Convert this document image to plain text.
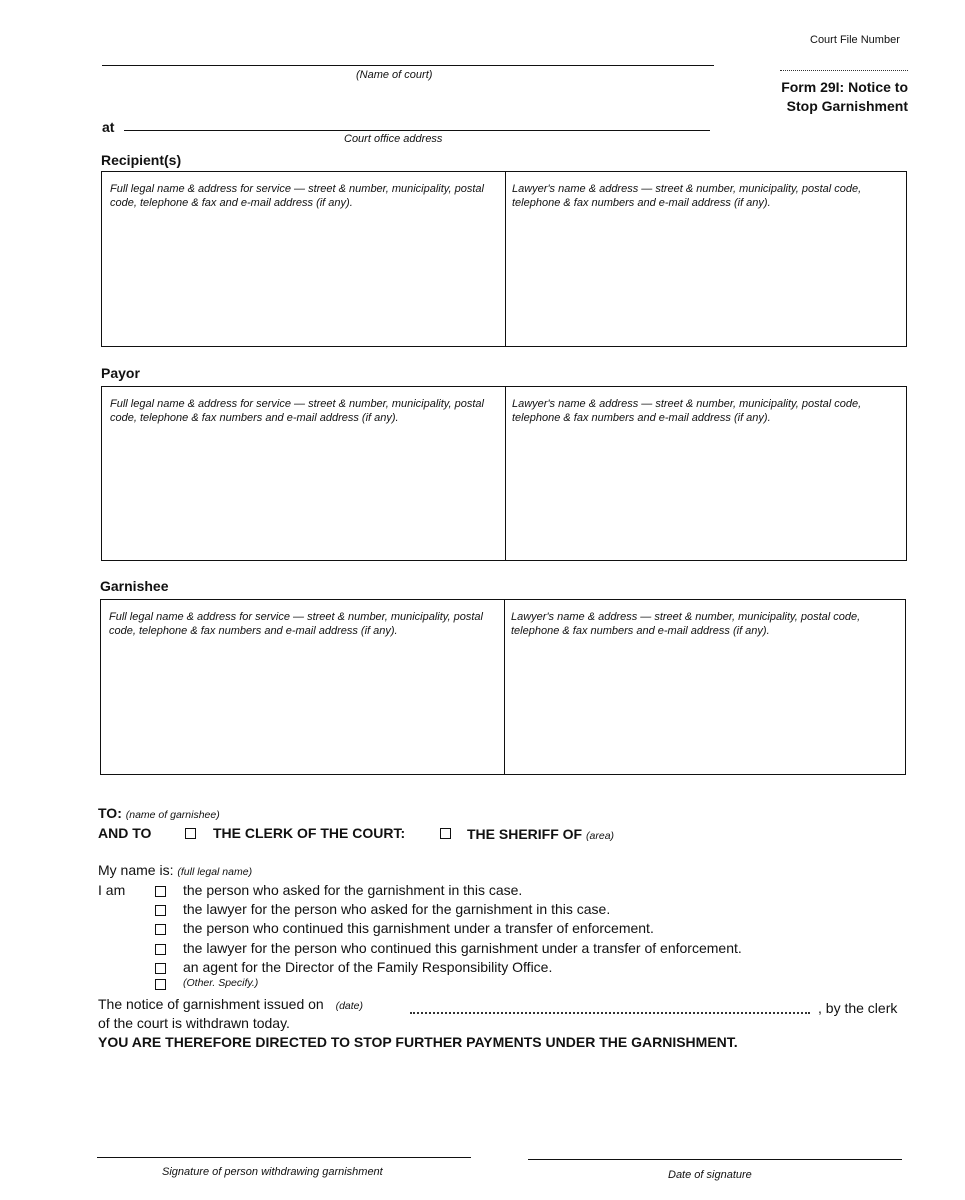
Court File Number
(Name of court)
Form 29I: Notice to
Stop Garnishment
at
Court office address
Recipient(s)
Full legal name & address for service — street & number, municipality, postal code, telephone & fax and e-mail address (if any).
Lawyer's name & address — street & number, municipality, postal code, telephone & fax numbers and e-mail address (if any).
Payor
Full legal name & address for service — street & number, municipality, postal code, telephone & fax numbers and e-mail address (if any).
Lawyer's name & address — street & number, municipality, postal code, telephone & fax numbers and e-mail address (if any).
Garnishee
Full legal name & address for service — street & number, municipality, postal code, telephone & fax numbers and e-mail address (if any).
Lawyer's name & address — street & number, municipality, postal code, telephone & fax numbers and e-mail address (if any).
TO: (name of garnishee)
AND TO	THE CLERK OF THE COURT:	THE SHERIFF OF (area)
My name is: (full legal name)
I am	the person who asked for the garnishment in this case.
the lawyer for the person who asked for the garnishment in this case.
the person who continued this garnishment under a transfer of enforcement.
the lawyer for the person who continued this garnishment under a transfer of enforcement.
an agent for the Director of the Family Responsibility Office.
(Other. Specify.)
The notice of garnishment issued on (date)	, by the clerk
of the court is withdrawn today.
YOU ARE THEREFORE DIRECTED TO STOP FURTHER PAYMENTS UNDER THE GARNISHMENT.
Signature of person withdrawing garnishment	Date of signature
